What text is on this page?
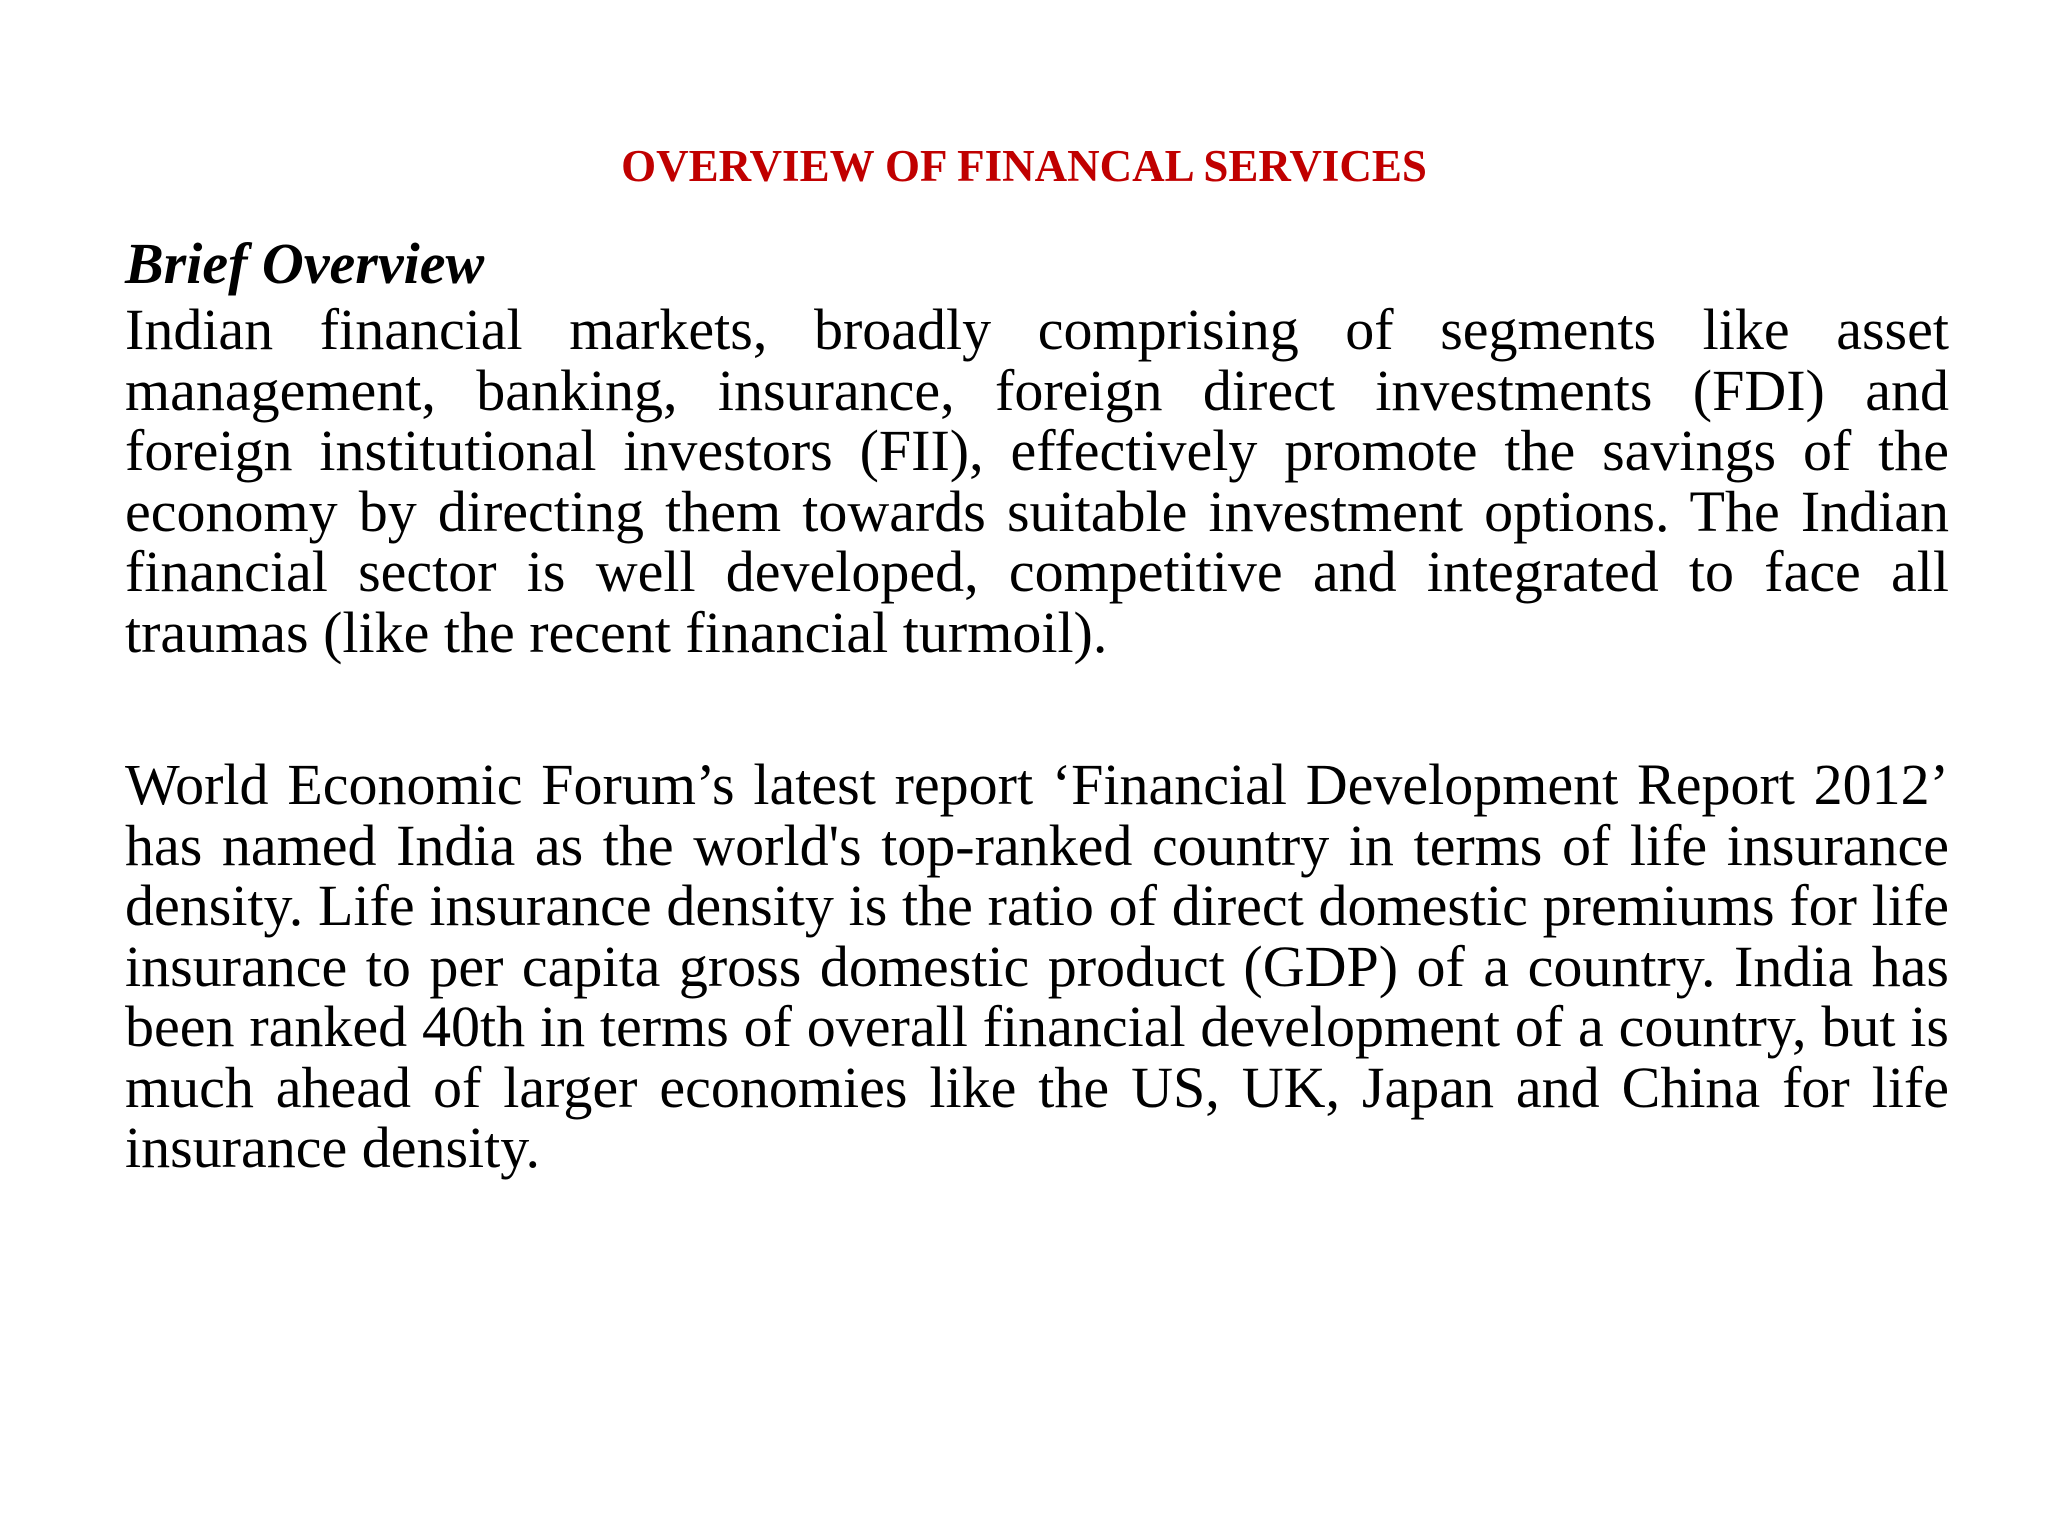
OVERVIEW OF FINANCAL SERVICES
Brief Overview

Indian financial markets, broadly comprising of segments like asset management, banking, insurance, foreign direct investments (FDI) and foreign institutional investors (FII), effectively promote the savings of the economy by directing them towards suitable investment options. The Indian financial sector is well developed, competitive and integrated to face all traumas (like the recent financial turmoil).

World Economic Forum’s latest report ‘Financial Development Report 2012’ has named India as the world's top-ranked country in terms of life insurance density. Life insurance density is the ratio of direct domestic premiums for life insurance to per capita gross domestic product (GDP) of a country. India has been ranked 40th in terms of overall financial development of a country, but is much ahead of larger economies like the US, UK, Japan and China for life insurance density.
